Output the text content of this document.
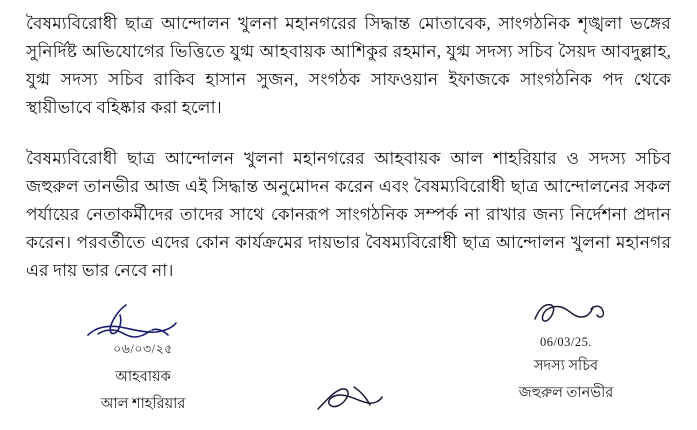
বৈষম্যবিরোধী ছাত্র আন্দোলন খুলনা মহানগরের সিদ্ধান্ত মোতাবেক, সাংগঠনিক শৃঙ্খলা ভঙ্গের সুনির্দিষ্ট অভিযোগের ভিত্তিতে যুগ্ম আহবায়ক আশিকুর রহমান, যুগ্ম সদস্য সচিব সৈয়দ আবদুল্লাহ, যুগ্ম সদস্য সচিব রাকিব হাসান সুজন, সংগঠক সাফওয়ান ইফাজকে সাংগঠনিক পদ থেকে স্থায়ীভাবে বহিষ্কার করা হলো।

বৈষম্যবিরোধী ছাত্র আন্দোলন খুলনা মহানগরের আহবায়ক আল শাহরিয়ার ও সদস্য সচিব জহুরুল তানভীর আজ এই সিদ্ধান্ত অনুমোদন করেন এবং বৈষম্যবিরোধী ছাত্র আন্দোলনের সকল পর্যায়ের নেতাকর্মীদের তাদের সাথে কোনরূপ সাংগঠনিক সম্পর্ক না রাখার জন্য নির্দেশনা প্রদান করেন। পরবর্তীতে এদের কোন কার্যক্রমের দায়ভার বৈষম্যবিরোধী ছাত্র আন্দোলন খুলনা মহানগর এর দায় ভার নেবে না।

০৬/০৩/২৫
আহবায়ক
আল শাহরিয়ার
06/03/25.
সদস্য সচিব
জহুরুল তানভীর
